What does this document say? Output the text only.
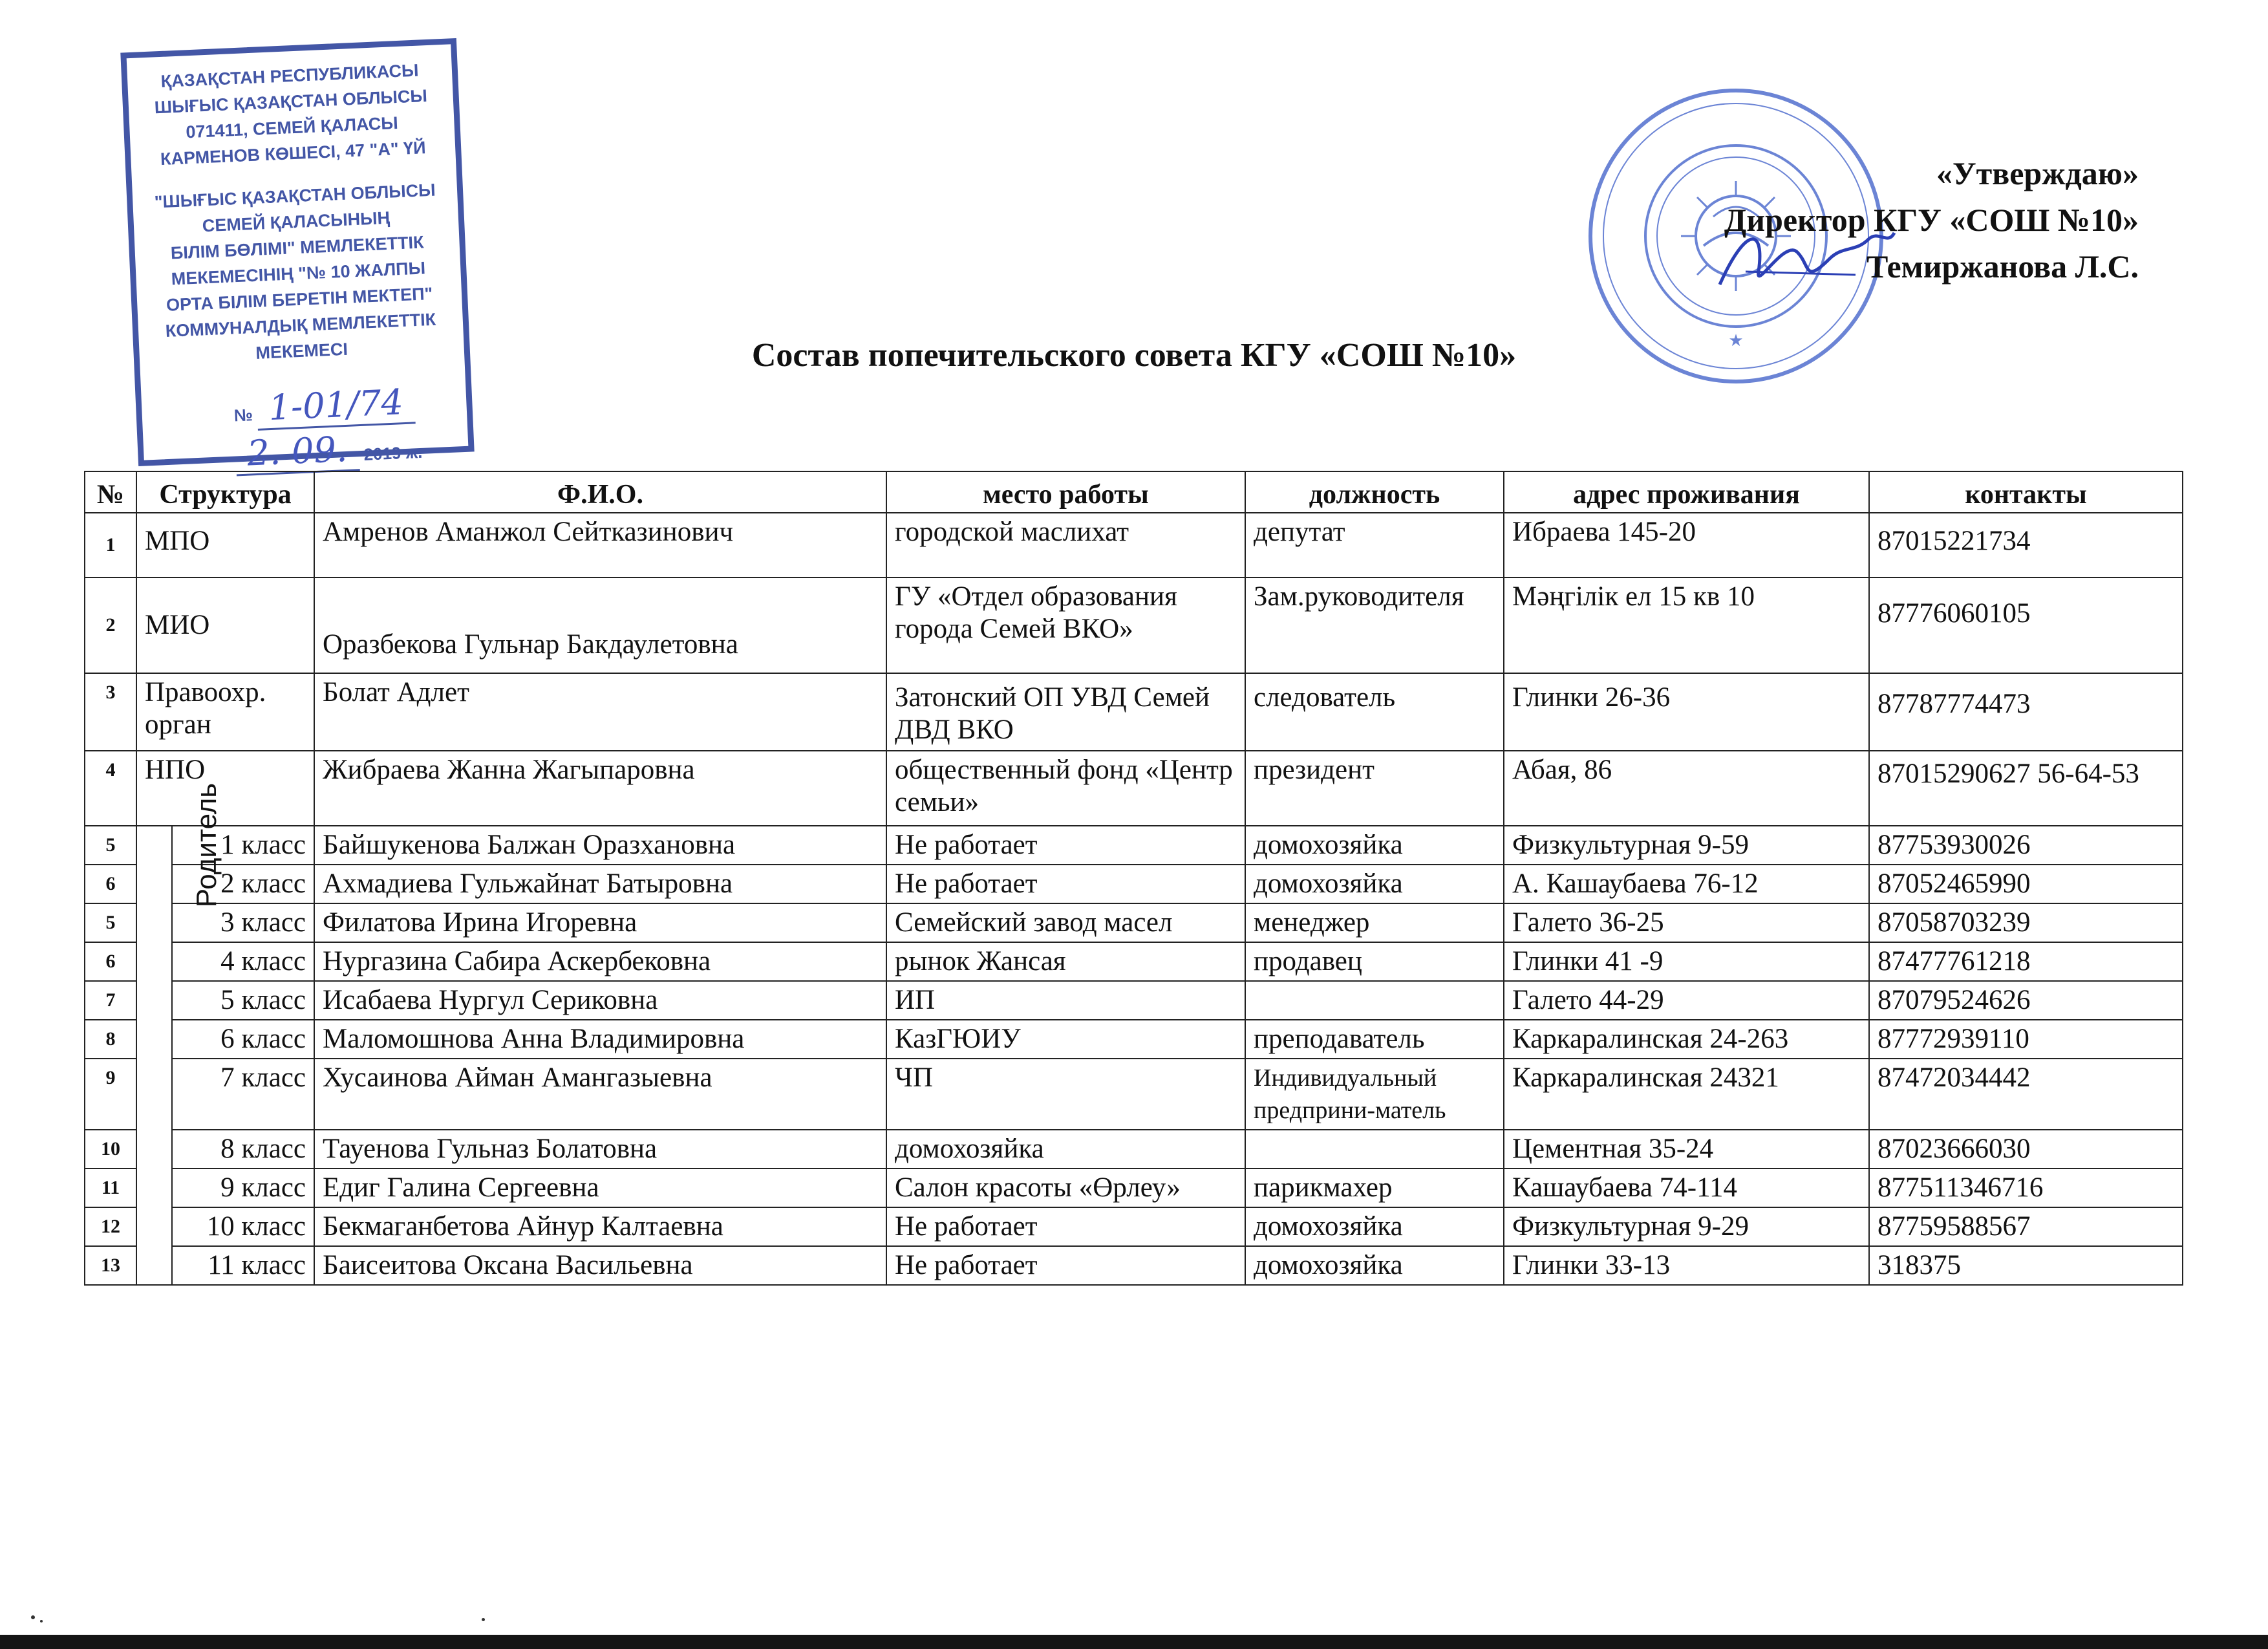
ҚАЗАҚСТАН РЕСПУБЛИКАСЫ
ШЫҒЫС ҚАЗАҚСТАН ОБЛЫСЫ
071411, СЕМЕЙ ҚАЛАСЫ
КАРМЕНОВ КӨШЕСІ, 47 "А" ҮЙ
"ШЫҒЫС ҚАЗАҚСТАН ОБЛЫСЫ
СЕМЕЙ ҚАЛАСЫНЫҢ
БІЛІМ БӨЛІМІ" МЕМЛЕКЕТТІК
МЕКЕМЕСІНІҢ "№ 10 ЖАЛПЫ
ОРТА БІЛІМ БЕРЕТІН МЕКТЕП"
КОММУНАЛДЫҚ МЕМЛЕКЕТТІК
МЕКЕМЕСІ
№ 1-01/74
2. 09. 2019 ж.
★
«Утверждаю»
Директор КГУ «СОШ №10»
Темиржанова Л.С.
Состав попечительского совета КГУ «СОШ №10»
№	Структура		Ф.И.О.	место работы	должность	адрес проживания	контакты
1	МПО		Амренов Аманжол Сейтказинович	городской маслихат	депутат	Ибраева 145-20	87015221734
2	МИО		Оразбекова Гульнар Бакдаулетовна	ГУ «Отдел образования города Семей ВКО»	Зам.руководителя	Мәңгілік ел 15 кв 10	87776060105
3	Правоохр. орган		Болат Адлет	Затонский ОП УВД Семей ДВД ВКО	следователь	Глинки 26-36	87787774473
4	НПО		Жибраева Жанна Жагыпаровна	общественный фонд «Центр семьи»	президент	Абая, 86	87015290627 56-64-53
5	Родитель	1 класс	Байшукенова Балжан Оразхановна	Не работает	домохозяйка	Физкультурная 9-59	87753930026
6		2 класс	Ахмадиева Гульжайнат Батыровна	Не работает	домохозяйка	А. Кашаубаева 76-12	87052465990
5		3 класс	Филатова Ирина Игоревна	Семейский завод масел	менеджер	Галето 36-25	87058703239
6		4 класс	Нургазина Сабира Аскербековна	рынок Жансая	продавец	Глинки 41 -9	87477761218
7		5 класс	Исабаева Нургул Сериковна	ИП		Галето 44-29	87079524626
8		6 класс	Маломошнова Анна Владимировна	КазГЮИУ	преподаватель	Каркаралинская 24-263	87772939110
9		7 класс	Хусаинова Айман Амангазыевна	ЧП	Индивидуальный предприни-матель	Каркаралинская 24321	87472034442
10		8 класс	Тауенова Гульназ Болатовна	домохозяйка		Цементная 35-24	87023666030
11		9 класс	Едиг Галина Сергеевна	Салон красоты «Өрлеу»	парикмахер	Кашаубаева 74-114	877511346716
12		10 класс	Бекмаганбетова Айнур Калтаевна	Не работает	домохозяйка	Физкультурная 9-29	87759588567
13		11 класс	Баисеитова Оксана Васильевна	Не работает	домохозяйка	Глинки 33-13	318375
